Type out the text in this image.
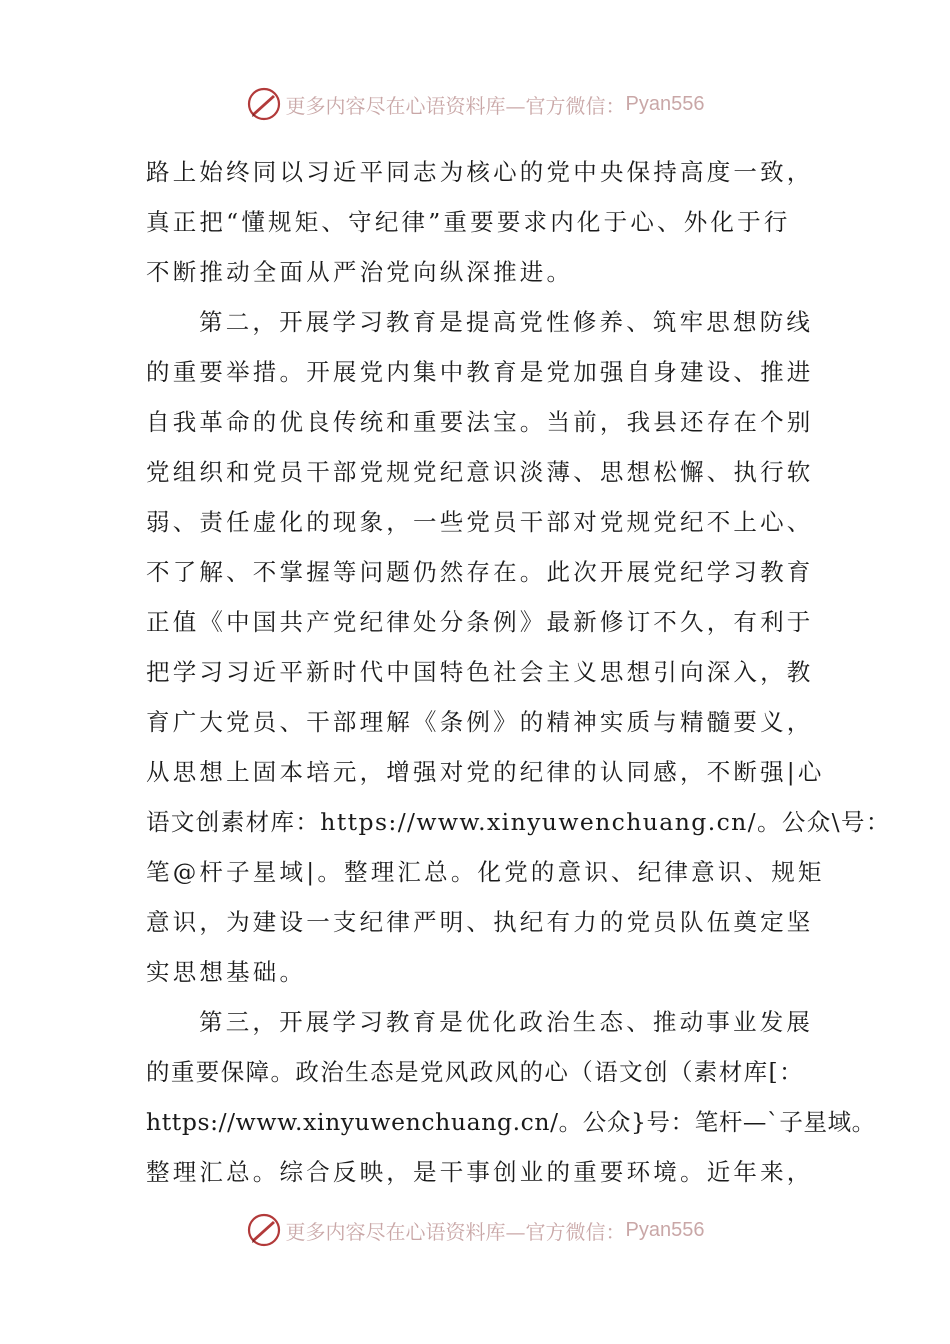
更多内容尽在心语资料库—官方微信： Pyan556
路上始终同以习近平同志为核心的党中央保持高度一致，
真正把“懂规矩、守纪律”重要要求内化于心、外化于行
不断推动全面从严治党向纵深推进。
第二，开展学习教育是提高党性修养、筑牢思想防线
的重要举措。开展党内集中教育是党加强自身建设、推进
自我革命的优良传统和重要法宝。当前，我县还存在个别
党组织和党员干部党规党纪意识淡薄、思想松懈、执行软
弱、责任虚化的现象，一些党员干部对党规党纪不上心、
不了解、不掌握等问题仍然存在。此次开展党纪学习教育
正值《中国共产党纪律处分条例》最新修订不久，有利于
把学习习近平新时代中国特色社会主义思想引向深入，教
育广大党员、干部理解《条例》的精神实质与精髓要义，
从思想上固本培元，增强对党的纪律的认同感，不断强|心
语文创素材库：https://www.xinyuwenchuang.cn/。公众\号：
笔@杆子星域|。整理汇总。化党的意识、纪律意识、规矩
意识，为建设一支纪律严明、执纪有力的党员队伍奠定坚
实思想基础。
第三，开展学习教育是优化政治生态、推动事业发展
的重要保障。政治生态是党风政风的心（语文创（素材库[：
https://www.xinyuwenchuang.cn/。公众}号：笔杆—`子星域。
整理汇总。综合反映，是干事创业的重要环境。近年来，
更多内容尽在心语资料库—官方微信： Pyan556
